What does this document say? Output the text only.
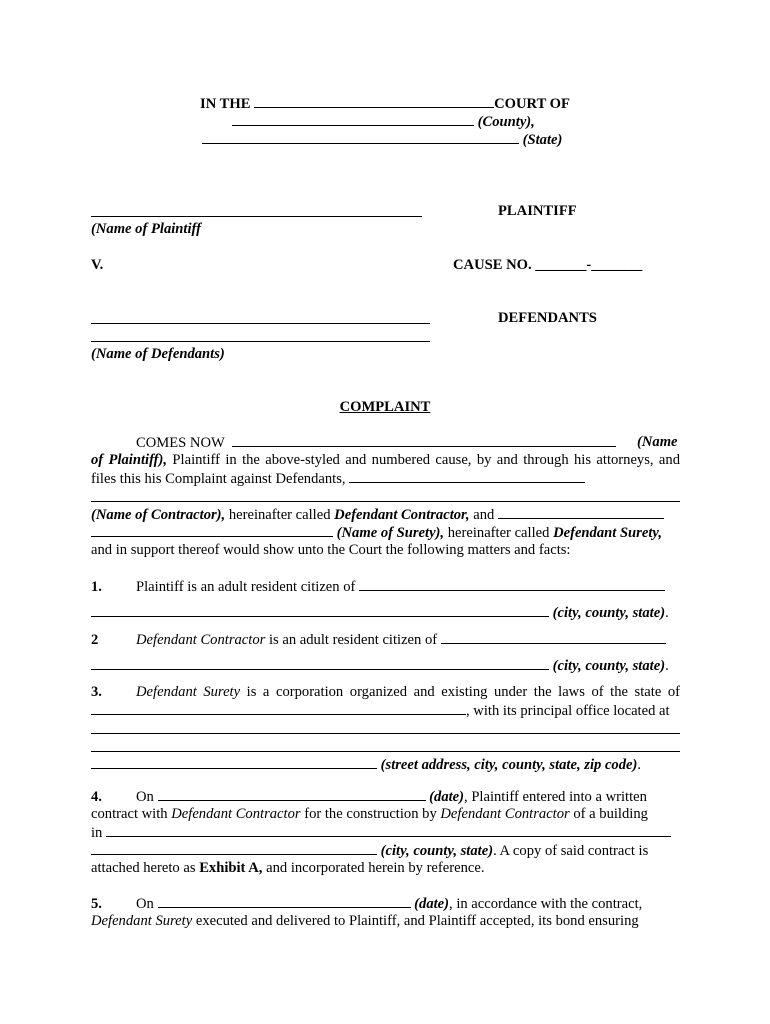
IN THE	COURT OF
(County),
(State)
PLAINTIFF
(Name of Plaintiff
V.	CAUSE NO. _______-_______
DEFENDANTS
(Name of Defendants)
COMPLAINT
COMES NOW	(Name

of Plaintiff), Plaintiff in the above-styled and numbered cause, by and through his attorneys, and files this his Complaint against Defendants,

(Name of Contractor), hereinafter called Defendant Contractor, and
(Name of Surety), hereinafter called Defendant Surety,
and in support thereof would show unto the Court the following matters and facts:
1. Plaintiff is an adult resident citizen of
(city, county, state).
2	Defendant Contractor is an adult resident citizen of
(city, county, state).
3. Defendant Surety is a corporation organized and existing under the laws of the state of
, with its principal office located at
(street address, city, county, state, zip code).
4. On	(date), Plaintiff entered into a written
contract with Defendant Contractor for the construction by Defendant Contractor of a building
in
(city, county, state). A copy of said contract is
attached hereto as Exhibit A, and incorporated herein by reference.
5. On	(date), in accordance with the contract,
Defendant Surety executed and delivered to Plaintiff, and Plaintiff accepted, its bond ensuring
